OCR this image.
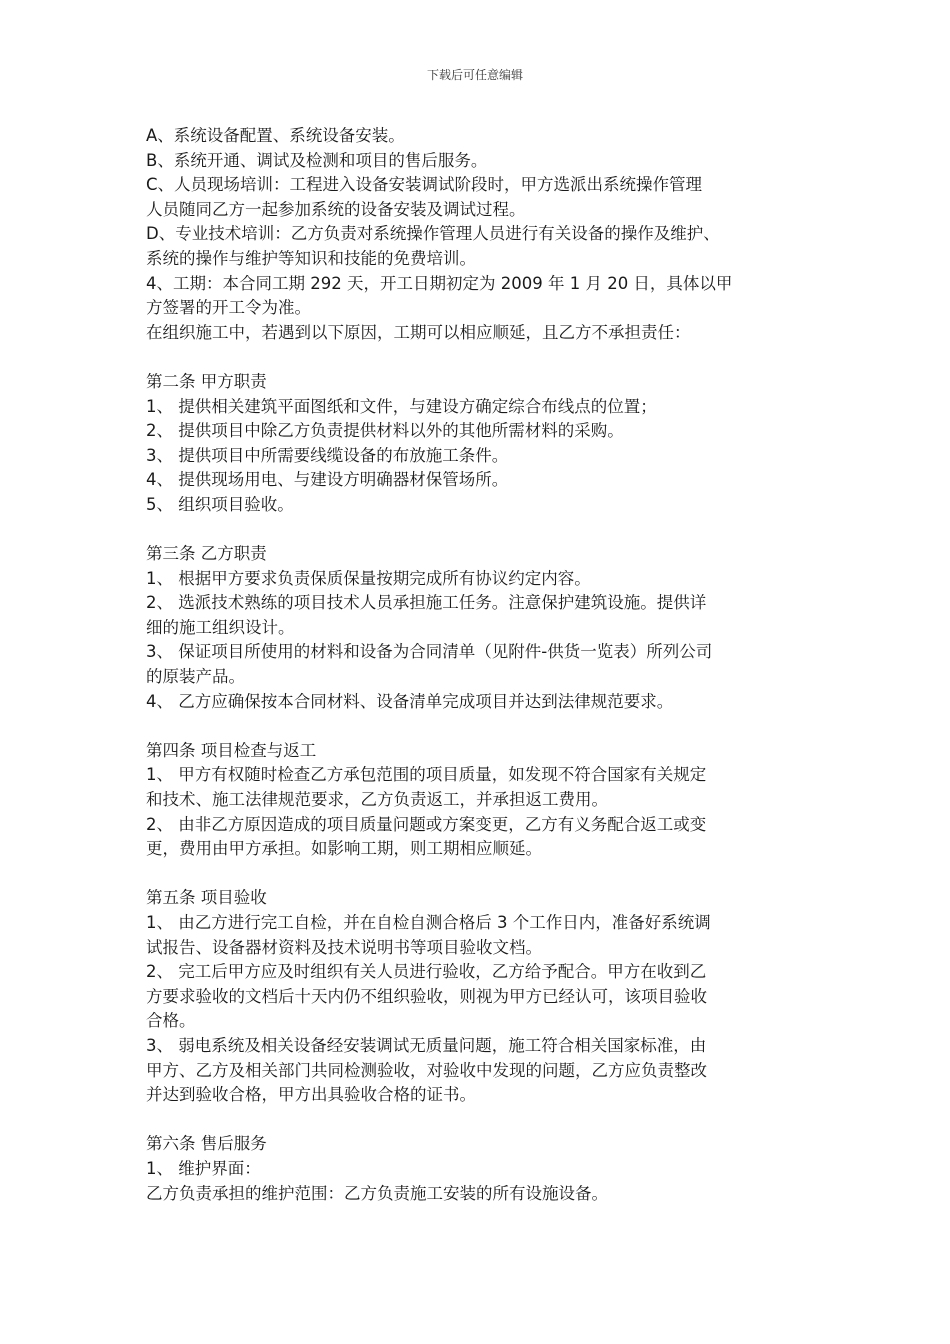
下载后可任意编辑
A、系统设备配置、系统设备安装。
B、系统开通、调试及检测和项目的售后服务。
C、人员现场培训：工程进入设备安装调试阶段时，甲方选派出系统操作管理
人员随同乙方一起参加系统的设备安装及调试过程。
D、专业技术培训：乙方负责对系统操作管理人员进行有关设备的操作及维护、
系统的操作与维护等知识和技能的免费培训。
4、工期：本合同工期 292 天，开工日期初定为 2009 年 1 月 20 日，具体以甲
方签署的开工令为准。
在组织施工中，若遇到以下原因，工期可以相应顺延，且乙方不承担责任：
第二条 甲方职责
1、 提供相关建筑平面图纸和文件，与建设方确定综合布线点的位置；
2、 提供项目中除乙方负责提供材料以外的其他所需材料的采购。
3、 提供项目中所需要线缆设备的布放施工条件。
4、 提供现场用电、与建设方明确器材保管场所。
5、 组织项目验收。
第三条 乙方职责
1、 根据甲方要求负责保质保量按期完成所有协议约定内容。
2、 选派技术熟练的项目技术人员承担施工任务。注意保护建筑设施。提供详
细的施工组织设计。
3、 保证项目所使用的材料和设备为合同清单（见附件-供货一览表）所列公司
的原装产品。
4、 乙方应确保按本合同材料、设备清单完成项目并达到法律规范要求。
第四条 项目检查与返工
1、 甲方有权随时检查乙方承包范围的项目质量，如发现不符合国家有关规定
和技术、施工法律规范要求，乙方负责返工，并承担返工费用。
2、 由非乙方原因造成的项目质量问题或方案变更，乙方有义务配合返工或变
更，费用由甲方承担。如影响工期，则工期相应顺延。
第五条 项目验收
1、 由乙方进行完工自检，并在自检自测合格后 3 个工作日内，准备好系统调
试报告、设备器材资料及技术说明书等项目验收文档。
2、 完工后甲方应及时组织有关人员进行验收，乙方给予配合。甲方在收到乙
方要求验收的文档后十天内仍不组织验收，则视为甲方已经认可，该项目验收
合格。
3、 弱电系统及相关设备经安装调试无质量问题，施工符合相关国家标准，由
甲方、乙方及相关部门共同检测验收，对验收中发现的问题，乙方应负责整改
并达到验收合格，甲方出具验收合格的证书。
第六条 售后服务
1、 维护界面：
乙方负责承担的维护范围：乙方负责施工安装的所有设施设备。
